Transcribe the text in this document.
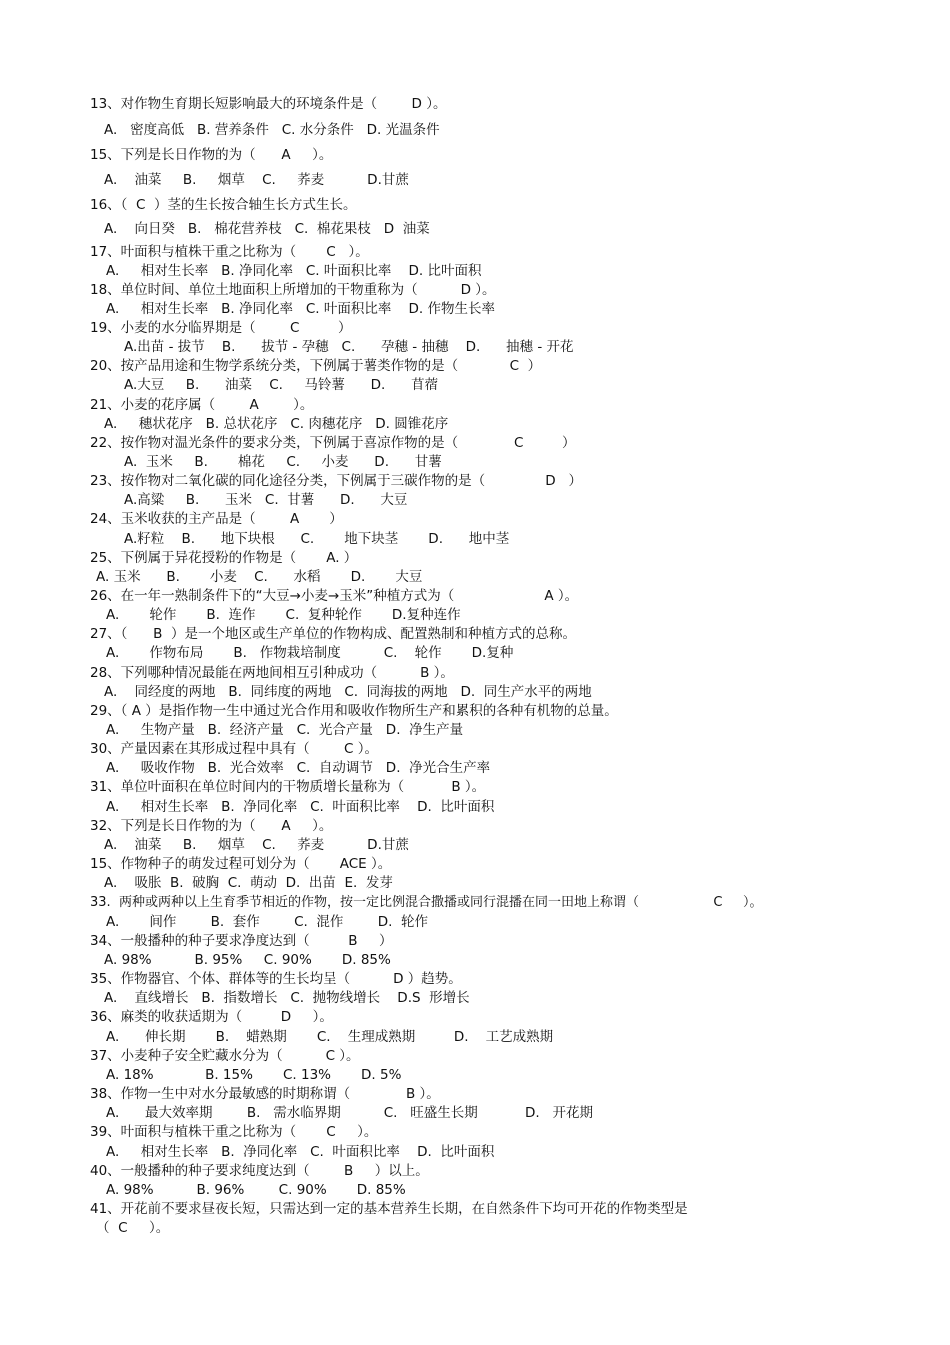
13、对作物生育期长短影响最大的环境条件是（        D ）。
A.   密度高低   B. 营养条件   C. 水分条件   D. 光温条件
15、下列是长日作物的为（      A     ）。
A.    油菜     B.     烟草    C.     荞麦          D.甘蔗
16、（  C  ）茎的生长按合轴生长方式生长。
A.    向日癸   B.   棉花营养枝   C.  棉花果枝   D  油菜
17、叶面积与植株干重之比称为（       C   ）。
A.     相对生长率   B. 净同化率   C. 叶面积比率    D. 比叶面积
18、单位时间、单位土地面积上所增加的干物重称为（          D ）。
A.     相对生长率   B. 净同化率   C. 叶面积比率    D. 作物生长率
19、小麦的水分临界期是（        C         ）
A.出苗 - 拔节    B.      拔节 - 孕穗   C.      孕穗 - 抽穗    D.      抽穗 - 开花
20、按产品用途和生物学系统分类，下例属于薯类作物的是（            C  ）
A.大豆     B.      油菜    C.     马铃薯      D.      苜蓿
21、小麦的花序属（        A        ）。
A.     穗状花序   B. 总状花序   C. 肉穗花序   D. 圆锥花序
22、按作物对温光条件的要求分类，下例属于喜凉作物的是（             C         ）
A.  玉米     B.       棉花     C.     小麦      D.      甘薯
23、按作物对二氧化碳的同化途径分类，下例属于三碳作物的是（              D   ）
A.高粱     B.      玉米   C.  甘薯      D.      大豆
24、玉米收获的主产品是（        A       ）
A.籽粒    B.      地下块根      C.       地下块茎       D.      地中茎
25、下例属于异花授粉的作物是（       A. ）
A. 玉米      B.       小麦    C.      水稻       D.       大豆
26、在一年一熟制条件下的“大豆→小麦→玉米”种植方式为（                     A ）。
A.       轮作       B.  连作       C.  复种轮作       D.复种连作
27、（      B  ）是一个地区或生产单位的作物构成、配置熟制和种植方式的总称。
A.       作物布局       B.   作物栽培制度          C.    轮作       D.复种
28、下列哪种情况最能在两地间相互引种成功（          B ）。
A.    同经度的两地   B.  同纬度的两地   C.  同海拔的两地   D.  同生产水平的两地
29、（ A ）是指作物一生中通过光合作用和吸收作物所生产和累积的各种有机物的总量。
A.     生物产量   B.  经济产量   C.  光合产量   D.  净生产量
30、产量因素在其形成过程中具有（        C ）。
A.     吸收作物   B.  光合效率   C.  自动调节   D.  净光合生产率
31、单位叶面积在单位时间内的干物质增长量称为（           B ）。
A.     相对生长率   B.  净同化率   C.  叶面积比率    D.  比叶面积
32、下列是长日作物的为（      A     ）。
A.    油菜     B.     烟草    C.     荞麦          D.甘蔗
15、作物种子的萌发过程可划分为（       ACE ）。
A.    吸胀  B.  破胸  C.  萌动  D.  出苗  E.  发芽
33.  两种或两种以上生育季节相近的作物，按一定比例混合撒播或同行混播在同一田地上称谓（                  C     ）。
A.       间作        B.  套作        C.  混作        D.  轮作
34、一般播种的种子要求净度达到（         B     ）
A. 98%          B. 95%     C. 90%       D. 85%
35、作物器官、个体、群体等的生长均呈（          D ）趋势。
A.    直线增长   B.  指数增长   C.  抛物线增长    D.S  形增长
36、麻类的收获适期为（         D     ）。
A.      伸长期       B.    蜡熟期       C.    生理成熟期         D.    工艺成熟期
37、小麦种子安全贮藏水分为（          C ）。
A. 18%            B. 15%       C. 13%       D. 5%
38、作物一生中对水分最敏感的时期称谓（             B ）。
A.      最大效率期        B.   需水临界期          C.   旺盛生长期           D.   开花期
39、叶面积与植株干重之比称为（       C     ）。
A.     相对生长率   B.  净同化率   C.  叶面积比率    D.  比叶面积
40、一般播种的种子要求纯度达到（        B     ）以上。
A. 98%          B. 96%        C. 90%       D. 85%
41、开花前不要求昼夜长短，只需达到一定的基本营养生长期，在自然条件下均可开花的作物类型是
（  C     ）。
